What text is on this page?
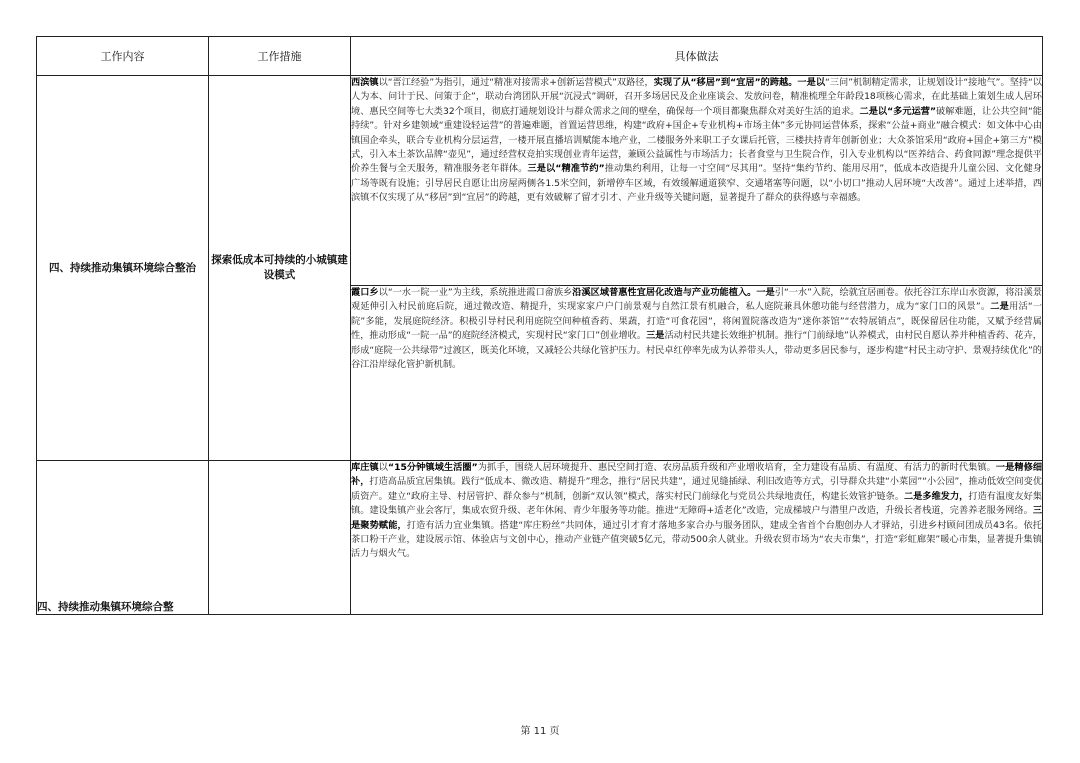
工作内容	工作措施	具体做法
四、持续推动集镇环境综合整治	探索低成本可持续的小城镇建设模式	西滨镇以“晋江经验”为指引，通过“精准对接需求+创新运营模式”双路径，实现了从“移居”到“宜居”的跨越。一是以“三问”机制精定需求，让规划设计“接地气”。坚持“以人为本、问计于民、问策于企”，联动台湾团队开展“沉浸式”调研，召开多场居民及企业座谈会、发放问卷，精准梳理全年龄段18项核心需求，在此基础上策划生成人居环境、惠民空间等七大类32个项目，彻底打通规划设计与群众需求之间的壁垒，确保每一个项目都聚焦群众对美好生活的追求。二是以“多元运营”破解难题，让公共空间“能持续”。针对乡建领域“重建设轻运营”的普遍难题，首置运营思维，构建“政府+国企+专业机构+市场主体”多元协同运营体系，探索“公益+商业”融合模式：如文体中心由镇国企牵头，联合专业机构分层运营，一楼开展直播培训赋能本地产业，二楼服务外来职工子女课后托管，三楼扶持青年创新创业；大众茶馆采用“政府+国企+第三方”模式，引入本土茶饮品牌“壶见”，通过经营权竞拍实现创业青年运营，兼顾公益属性与市场活力；长者食堂与卫生院合作，引入专业机构以“医养结合、药食同源”理念提供平价养生餐与全天服务，精准服务老年群体。三是以“精准节约”推动集约利用，让每一寸空间“尽其用”。坚持“集约节约、能用尽用”，低成本改造提升儿童公园、文化健身广场等既有设施；引导居民自愿让出房屋两侧各1.5米空间，新增停车区域，有效缓解通道狭窄、交通堵塞等问题，以“小切口”推动人居环境“大改善”。通过上述举措，西滨镇不仅实现了从“移居”到“宜居”的跨越，更有效破解了留才引才、产业升级等关键问题，显著提升了群众的获得感与幸福感。
		霞口乡以“一水一院一业”为主线，系统推进霞口畲族乡沿溪区域普惠性宜居化改造与产业功能植入。一是引“一水”入院，绘就宜居画卷。依托谷江东岸山水资源，将沿溪景观延伸引入村民前庭后院，通过微改造、精提升，实现家家户户门前景观与自然江景有机融合，私人庭院兼具休憩功能与经营潜力，成为“家门口的风景”。二是用活“一院”多能，发展庭院经济。积极引导村民利用庭院空间种植香药、果蔬，打造“可食花园”，将闲置院落改造为“迷你茶馆”“农特展销点”，既保留居住功能，又赋予经营属性，推动形成“一院一品”的庭院经济模式，实现村民“家门口”创业增收。三是活动村民共建长效维护机制。推行“门前绿地”认养模式，由村民自愿认养并种植香药、花卉，形成“庭院一公共绿带”过渡区，既美化环境，又减轻公共绿化管护压力。村民卓红停率先成为认养带头人，带动更多居民参与，逐步构建“村民主动守护、景观持续优化”的谷江沿岸绿化管护新机制。
四、持续推动集镇环境综合整		库庄镇以“15分钟镇域生活圈”为抓手，围绕人居环境提升、惠民空间打造、农房品质升级和产业增收培育，全力建设有品质、有温度、有活力的新时代集镇。一是精修细补，打造高品质宜居集镇。践行“低成本、微改造、精提升”理念，推行“居民共建”，通过见缝插绿、利旧改造等方式，引导群众共建“小菜园”“小公园”，推动低效空间变优质资产。建立“政府主导、村居管护、群众参与”机制，创新“双认领”模式，落实村民门前绿化与党员公共绿地责任，构建长效管护链条。二是多维发力，打造有温度友好集镇。建设集镇产业会客厅，集成农贸升级、老年休闲、青少年服务等功能。推进“无障碍+适老化”改造，完成梯坡户与潜里户改造，升级长者栈道，完善养老服务网络。三是聚势赋能，打造有活力宜业集镇。搭建“库庄粉丝”共同体，通过引才育才落地多家合办与服务团队，建成全省首个台胞创办人才驿站，引进乡村顾问团成员43名。依托茶口粉干产业，建设展示馆、体验店与文创中心，推动产业链产值突破5亿元，带动500余人就业。升级农贸市场为“农夫市集”，打造“彩虹廊架”暖心市集，显著提升集镇活力与烟火气。
第 11 页
